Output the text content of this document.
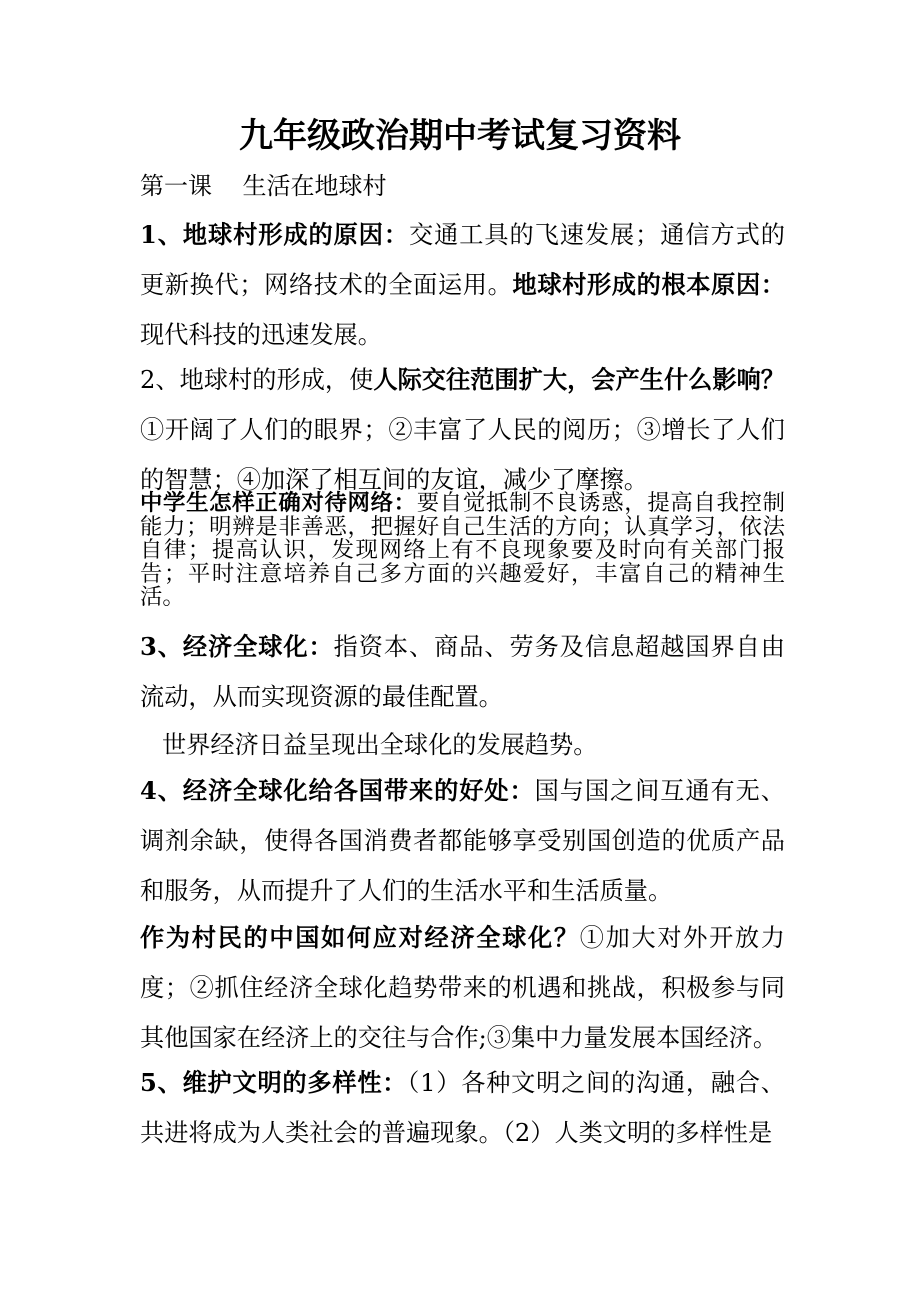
九年级政治期中考试复习资料

第一课    生活在地球村

1、地球村形成的原因：交通工具的飞速发展；通信方式的更新换代；网络技术的全面运用。地球村形成的根本原因：现代科技的迅速发展。

2、地球村的形成，使人际交往范围扩大，会产生什么影响？①开阔了人们的眼界；②丰富了人民的阅历；③增长了人们的智慧；④加深了相互间的友谊，减少了摩擦。

中学生怎样正确对待网络：要自觉抵制不良诱惑，提高自我控制能力；明辨是非善恶，把握好自己生活的方向；认真学习，依法自律；提高认识，发现网络上有不良现象要及时向有关部门报告；平时注意培养自己多方面的兴趣爱好，丰富自己的精神生活。

3、经济全球化：指资本、商品、劳务及信息超越国界自由流动，从而实现资源的最佳配置。

世界经济日益呈现出全球化的发展趋势。

4、经济全球化给各国带来的好处：国与国之间互通有无、调剂余缺，使得各国消费者都能够享受别国创造的优质产品和服务，从而提升了人们的生活水平和生活质量。

作为村民的中国如何应对经济全球化？①加大对外开放力度；②抓住经济全球化趋势带来的机遇和挑战，积极参与同其他国家在经济上的交往与合作;③集中力量发展本国经济。

5、维护文明的多样性：（1）各种文明之间的沟通，融合、共进将成为人类社会的普遍现象。（2）人类文明的多样性是
